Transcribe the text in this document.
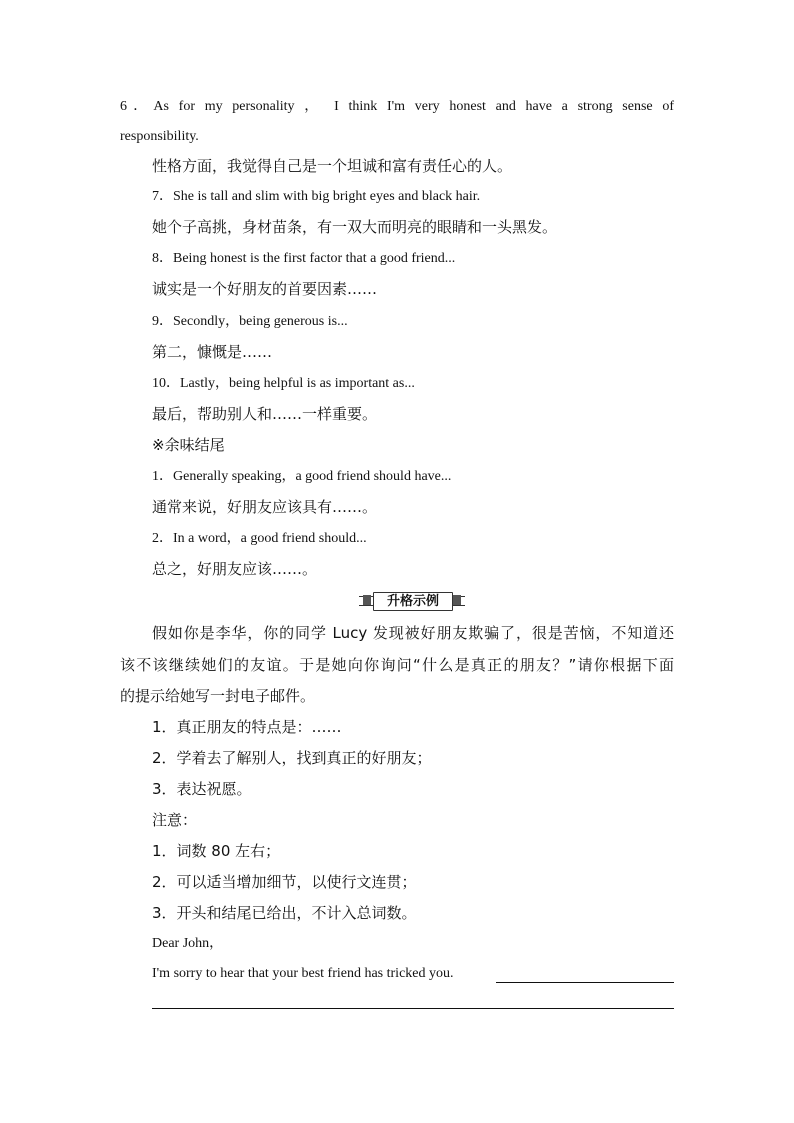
6．As for my personality ， I think I'm very honest and have a strong sense of
responsibility.
性格方面，我觉得自己是一个坦诚和富有责任心的人。
7．She is tall and slim with big bright eyes and black hair.
她个子高挑，身材苗条，有一双大而明亮的眼睛和一头黑发。
8．Being honest is the first factor that a good friend...
诚实是一个好朋友的首要因素……
9．Secondly，being generous is...
第二，慷慨是……
10．Lastly，being helpful is as important as...
最后，帮助别人和……一样重要。
※余味结尾
1．Generally speaking，a good friend should have...
通常来说，好朋友应该具有……。
2．In a word，a good friend should...
总之，好朋友应该……。
升格示例
假如你是李华，你的同学 Lucy 发现被好朋友欺骗了，很是苦恼，不知道还
该不该继续她们的友谊。于是她向你询问“什么是真正的朋友？”请你根据下面
的提示给她写一封电子邮件。
1．真正朋友的特点是：……
2．学着去了解别人，找到真正的好朋友；
3．表达祝愿。
注意：
1．词数 80 左右；
2．可以适当增加细节，以使行文连贯；
3．开头和结尾已给出，不计入总词数。
Dear John，
I'm sorry to hear that your best friend has tricked you.
